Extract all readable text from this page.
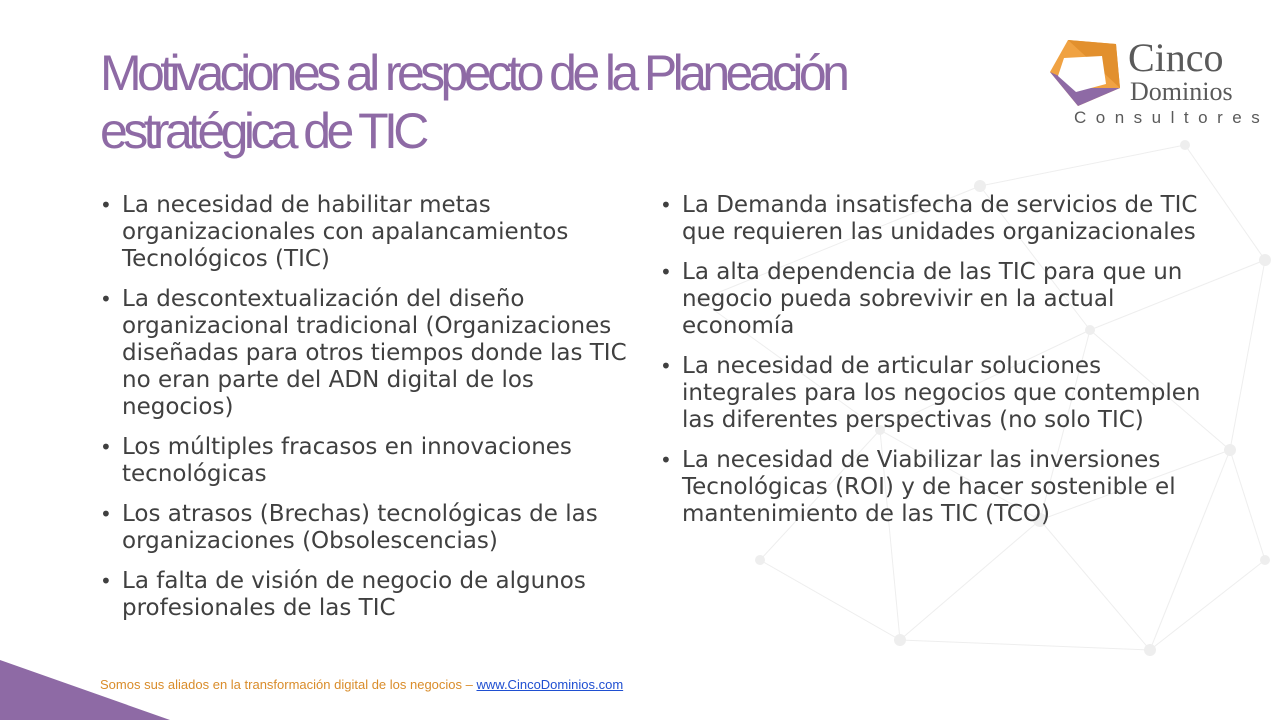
Motivaciones al respecto de la Planeación estratégica de TIC
Cinco
Dominios
Consultores
• La necesidad de habilitar metas organizacionales con apalancamientos Tecnológicos (TIC)
• La descontextualización del diseño organizacional tradicional (Organizaciones diseñadas para otros tiempos donde las TIC no eran parte del ADN digital de los negocios)
• Los múltiples fracasos en innovaciones tecnológicas
• Los atrasos (Brechas) tecnológicas de las organizaciones (Obsolescencias)
• La falta de visión de negocio de algunos profesionales de las TIC
• La Demanda insatisfecha de servicios de TIC que requieren las unidades organizacionales
• La alta dependencia de las TIC para que un negocio pueda sobrevivir en la actual economía
• La necesidad de articular soluciones integrales para los negocios que contemplen las diferentes perspectivas (no solo TIC)
• La necesidad de Viabilizar las inversiones Tecnológicas (ROI) y de hacer sostenible el mantenimiento de las TIC (TCO)
Somos sus aliados en la transformación digital de los negocios – www.CincoDominios.com
